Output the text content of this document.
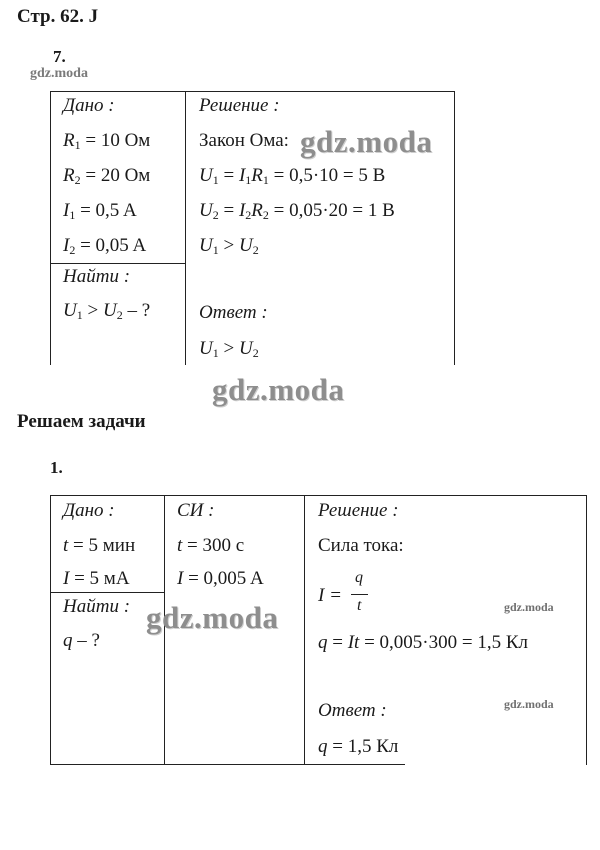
Стр. 62. J
7.
gdz.moda
Дано :
$R_1 = 10$ Ом
$R_2 = 20$ Ом
$I_1 = 0,5$ A
$I_2 = 0,05$ A
Найти :
$U_1 > U_2$ – ?
Решение :
Закон Ома:
$U_1 = I_1R_1 = 0,5\cdot 10 = 5$ B
$U_2 = I_2R_2 = 0,05\cdot 20 = 1$ B
$U_1 > U_2$
Ответ :
$U_1 > U_2$
gdz.moda
gdz.moda
Решаем задачи
1.
Дано :
t = 5 мин
I = 5 мА
Найти :
q – ?
СИ :
t = 300 c
I = 0,005 A
Решение :
Сила тока:
I =
q
t
q = It = 0,005·300 = 1,5 Кл
Ответ :
q = 1,5 Кл
gdz.moda	gdz.moda
gdz.moda
